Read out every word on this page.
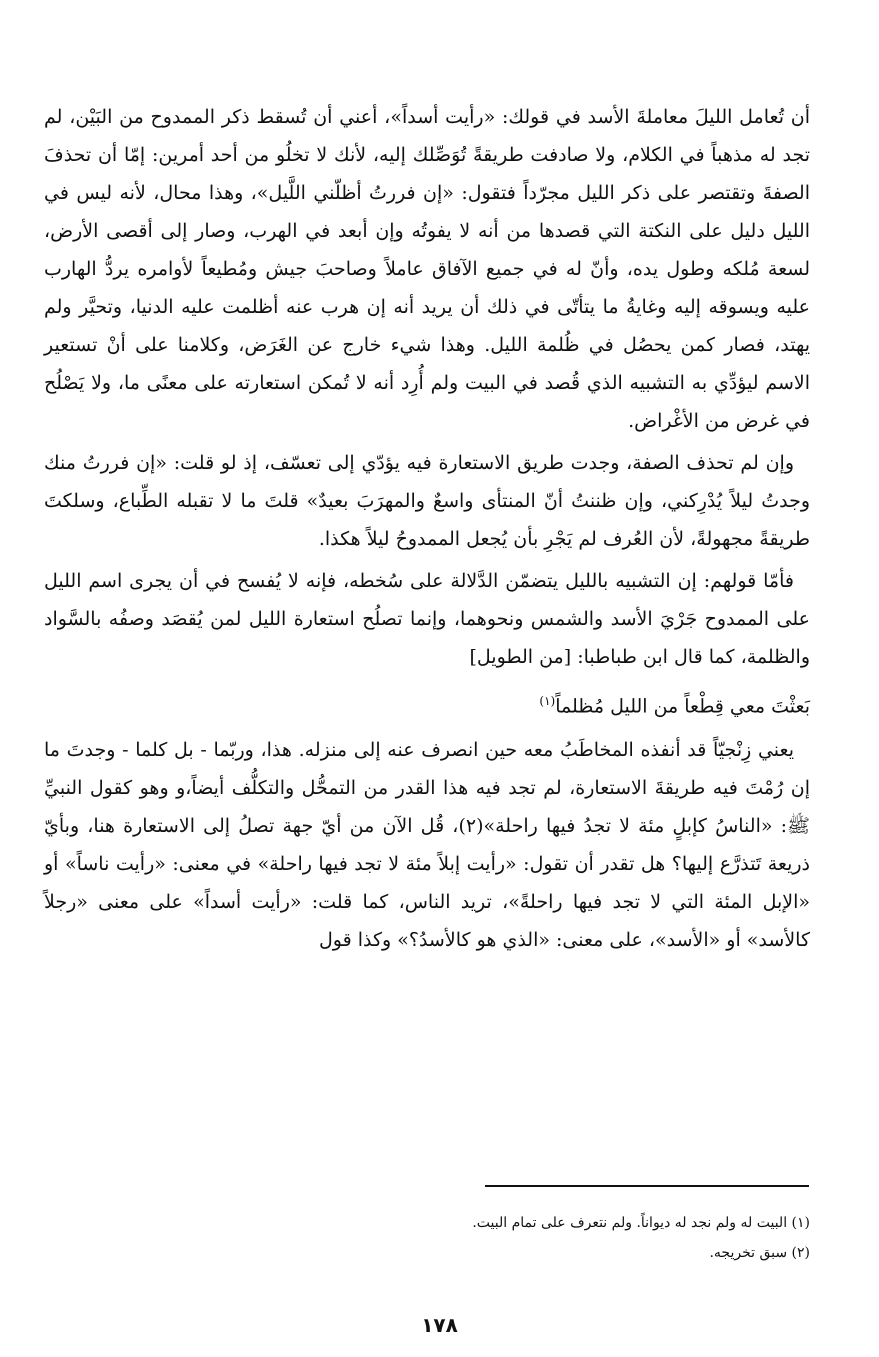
أن تُعامل الليلَ معاملةَ الأسد في قولك: «رأيت أسداً»، أعني أن تُسقط ذكر الممدوح من البَيْن، لم تجد له مذهباً في الكلام، ولا صادفت طريقةً تُوَصِّلك إليه، لأنك لا تخلُو من أحد أمرين: إمّا أن تحذفَ الصفةَ وتقتصر على ذكر الليل مجرّداً فتقول: «إن فررتُ أظلّني اللَّيل»، وهذا محال، لأنه ليس في الليل دليل على النكتة التي قصدها من أنه لا يفوتُه وإن أبعد في الهرب، وصار إلى أقصى الأرض، لسعة مُلكه وطول يده، وأنّ له في جميع الآفاق عاملاً وصاحبَ جيش ومُطيعاً لأوامره يردُّ الهارب عليه ويسوقه إليه وغايةُ ما يتأتّى في ذلك أن يريد أنه إن هرب عنه أظلمت عليه الدنيا، وتحيَّر ولم يهتد، فصار كمن يحصُل في ظُلمة الليل. وهذا شيء خارج عن الغَرَض، وكلامنا على أنْ تستعير الاسم ليؤدِّي به التشبيه الذي قُصد في البيت ولم أُرِد أنه لا تُمكن استعارته على معنًى ما، ولا يَصْلُح في غرض من الأغْراض.

وإن لم تحذف الصفة، وجدت طريق الاستعارة فيه يؤدّي إلى تعسّف، إذ لو قلت: «إن فررتُ منك وجدتُ ليلاً يُدْرِكني، وإن ظننتُ أنّ المنتأى واسعٌ والمهرَبَ بعيدٌ» قلتَ ما لا تقبله الطِّباع، وسلكتَ طريقةً مجهولةً، لأن العُرف لم يَجْرِ بأن يُجعل الممدوحُ ليلاً هكذا.

فأمّا قولهم: إن التشبيه بالليل يتضمّن الدَّلالة على سُخطه، فإنه لا يُفسح في أن يجرى اسم الليل على الممدوح جَرْيَ الأسد والشمس ونحوهما، وإنما تصلُح استعارة الليل لمن يُقصَد وصفُه بالسَّواد والظلمة، كما قال ابن طباطبا: [من الطويل]

بَعثْتَ معي قِطْعاً من الليل مُظلماً$^{(١)}$

يعني زِنْجيّاً قد أنفذه المخاطَبُ معه حين انصرف عنه إلى منزله. هذا، وربّما - بل كلما - وجدتَ ما إن رُمْتَ فيه طريقةَ الاستعارة، لم تجد فيه هذا القدر من التمحُّل والتكلُّف أيضاً،و وهو كقول النبيِّ ﷺ: «الناسُ كإبلٍ مئة لا تجدُ فيها راحلة»(٢)، قُل الآن من أيّ جهة تصلُ إلى الاستعارة هنا، وبأيّ ذريعة تَتذرَّع إليها؟ هل تقدر أن تقول: «رأيت إبلاً مئة لا تجد فيها راحلة» في معنى: «رأيت ناساً» أو «الإبل المئة التي لا تجد فيها راحلةً»، تريد الناس، كما قلت: «رأيت أسداً» على معنى «رجلاً كالأسد» أو «الأسد»، على معنى: «الذي هو كالأسدُ؟» وكذا قول

(١) البيت له ولم نجد له ديواناً. ولم نتعرف على تمام البيت.

(٢) سبق تخريجه.

١٧٨
